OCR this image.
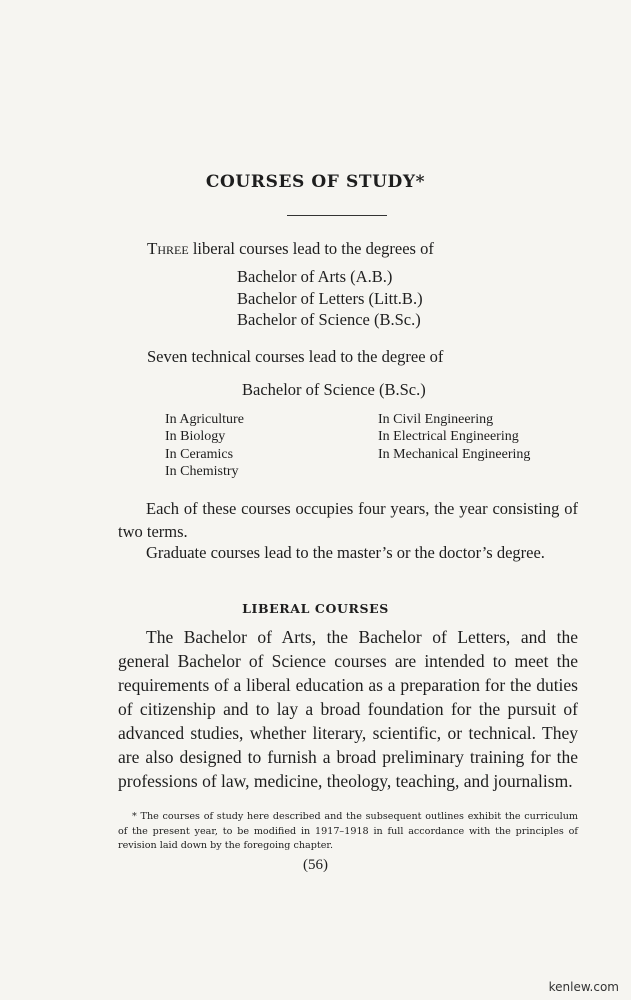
COURSES OF STUDY*
Three liberal courses lead to the degrees of
Bachelor of Arts (A.B.)
Bachelor of Letters (Litt.B.)
Bachelor of Science (B.Sc.)
Seven technical courses lead to the degree of
Bachelor of Science (B.Sc.)
In Agriculture
In Biology
In Ceramics
In Chemistry
In Civil Engineering
In Electrical Engineering
In Mechanical Engineering
Each of these courses occupies four years, the year consisting of two terms.
Graduate courses lead to the master’s or the doctor’s degree.
LIBERAL COURSES
The Bachelor of Arts, the Bachelor of Letters, and the general Bachelor of Science courses are intended to meet the requirements of a liberal education as a preparation for the duties of citizenship and to lay a broad foundation for the pursuit of advanced studies, whether literary, scientific, or technical. They are also designed to furnish a broad preliminary training for the professions of law, medicine, theology, teaching, and journalism.
* The courses of study here described and the subsequent outlines exhibit the curriculum of the present year, to be modified in 1917–1918 in full accordance with the principles of revision laid down by the foregoing chapter.
(56)
kenlew.com
